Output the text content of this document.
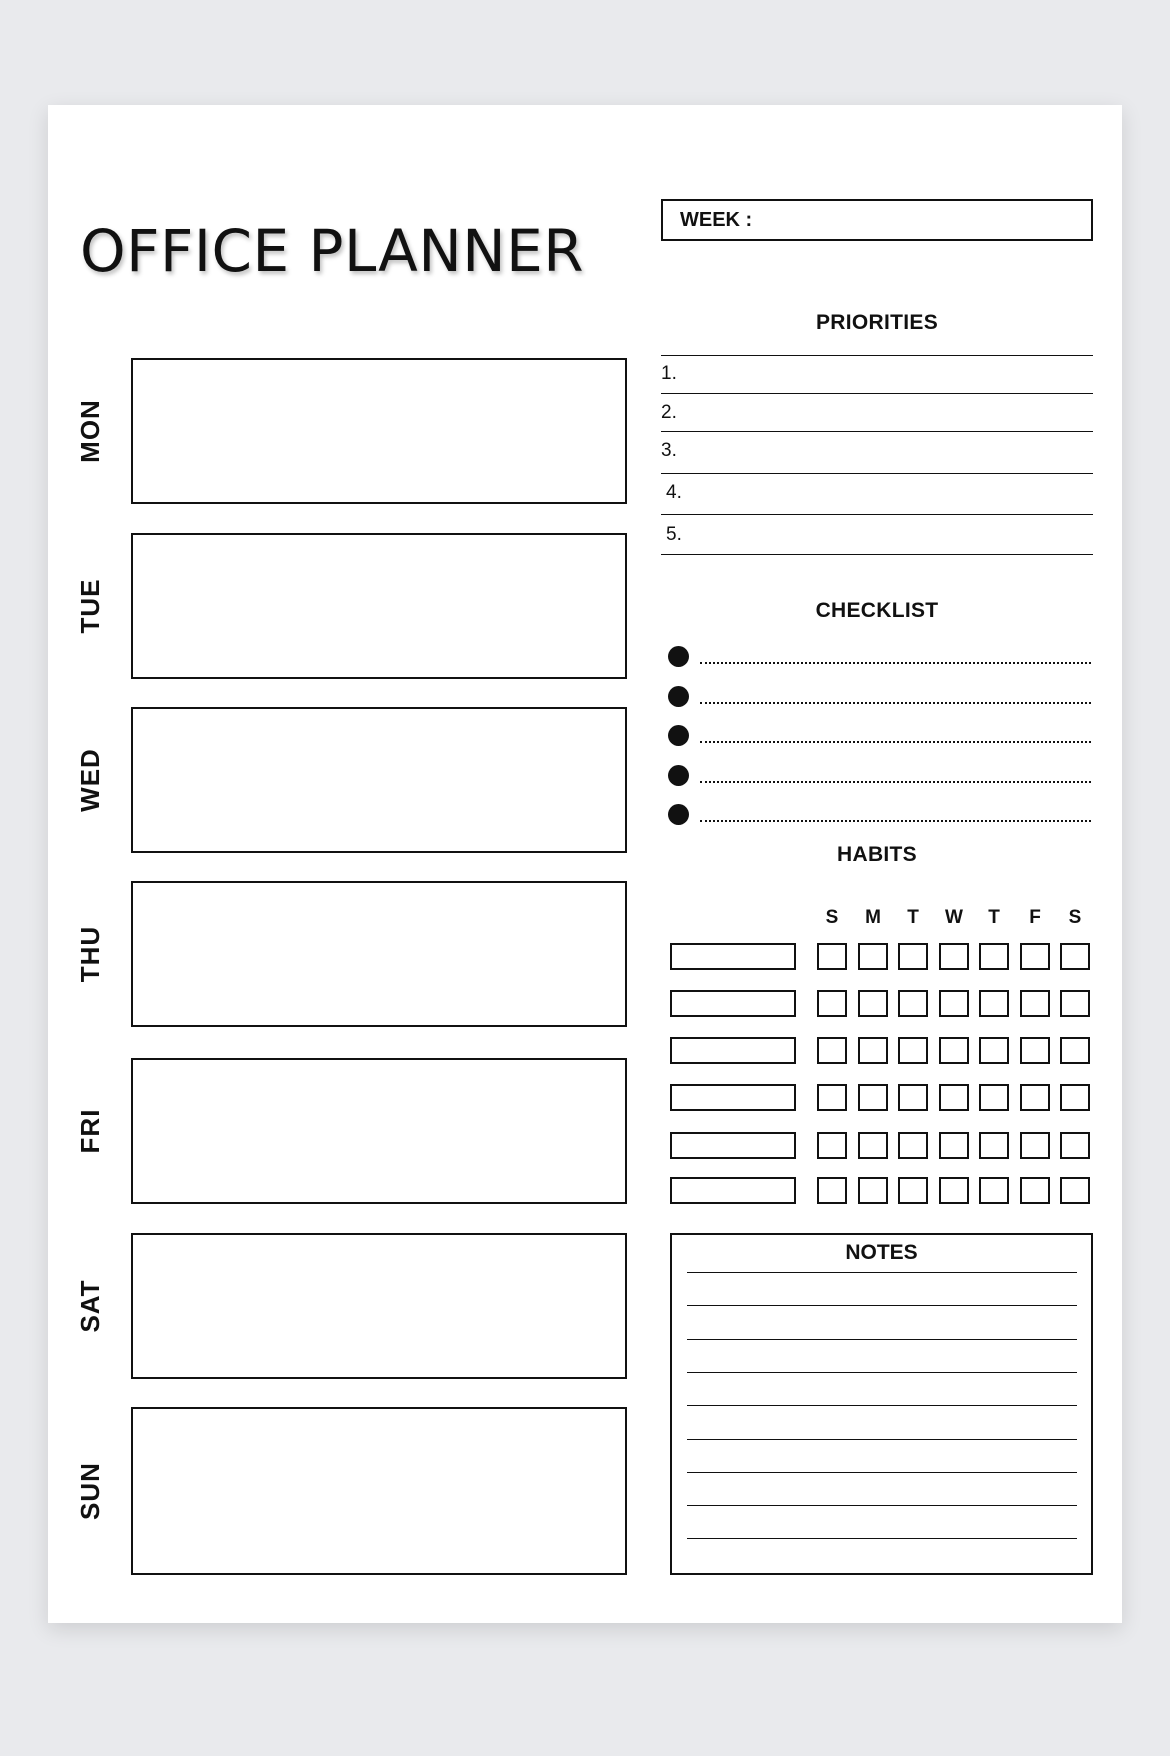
OFFICE PLANNER
MON
TUE
WED
THU
FRI
SAT
SUN
WEEK :
PRIORITIES
1.
2.
3.
4.
5.
CHECKLIST
HABITS
S	M	T	W	T	F	S
NOTES
